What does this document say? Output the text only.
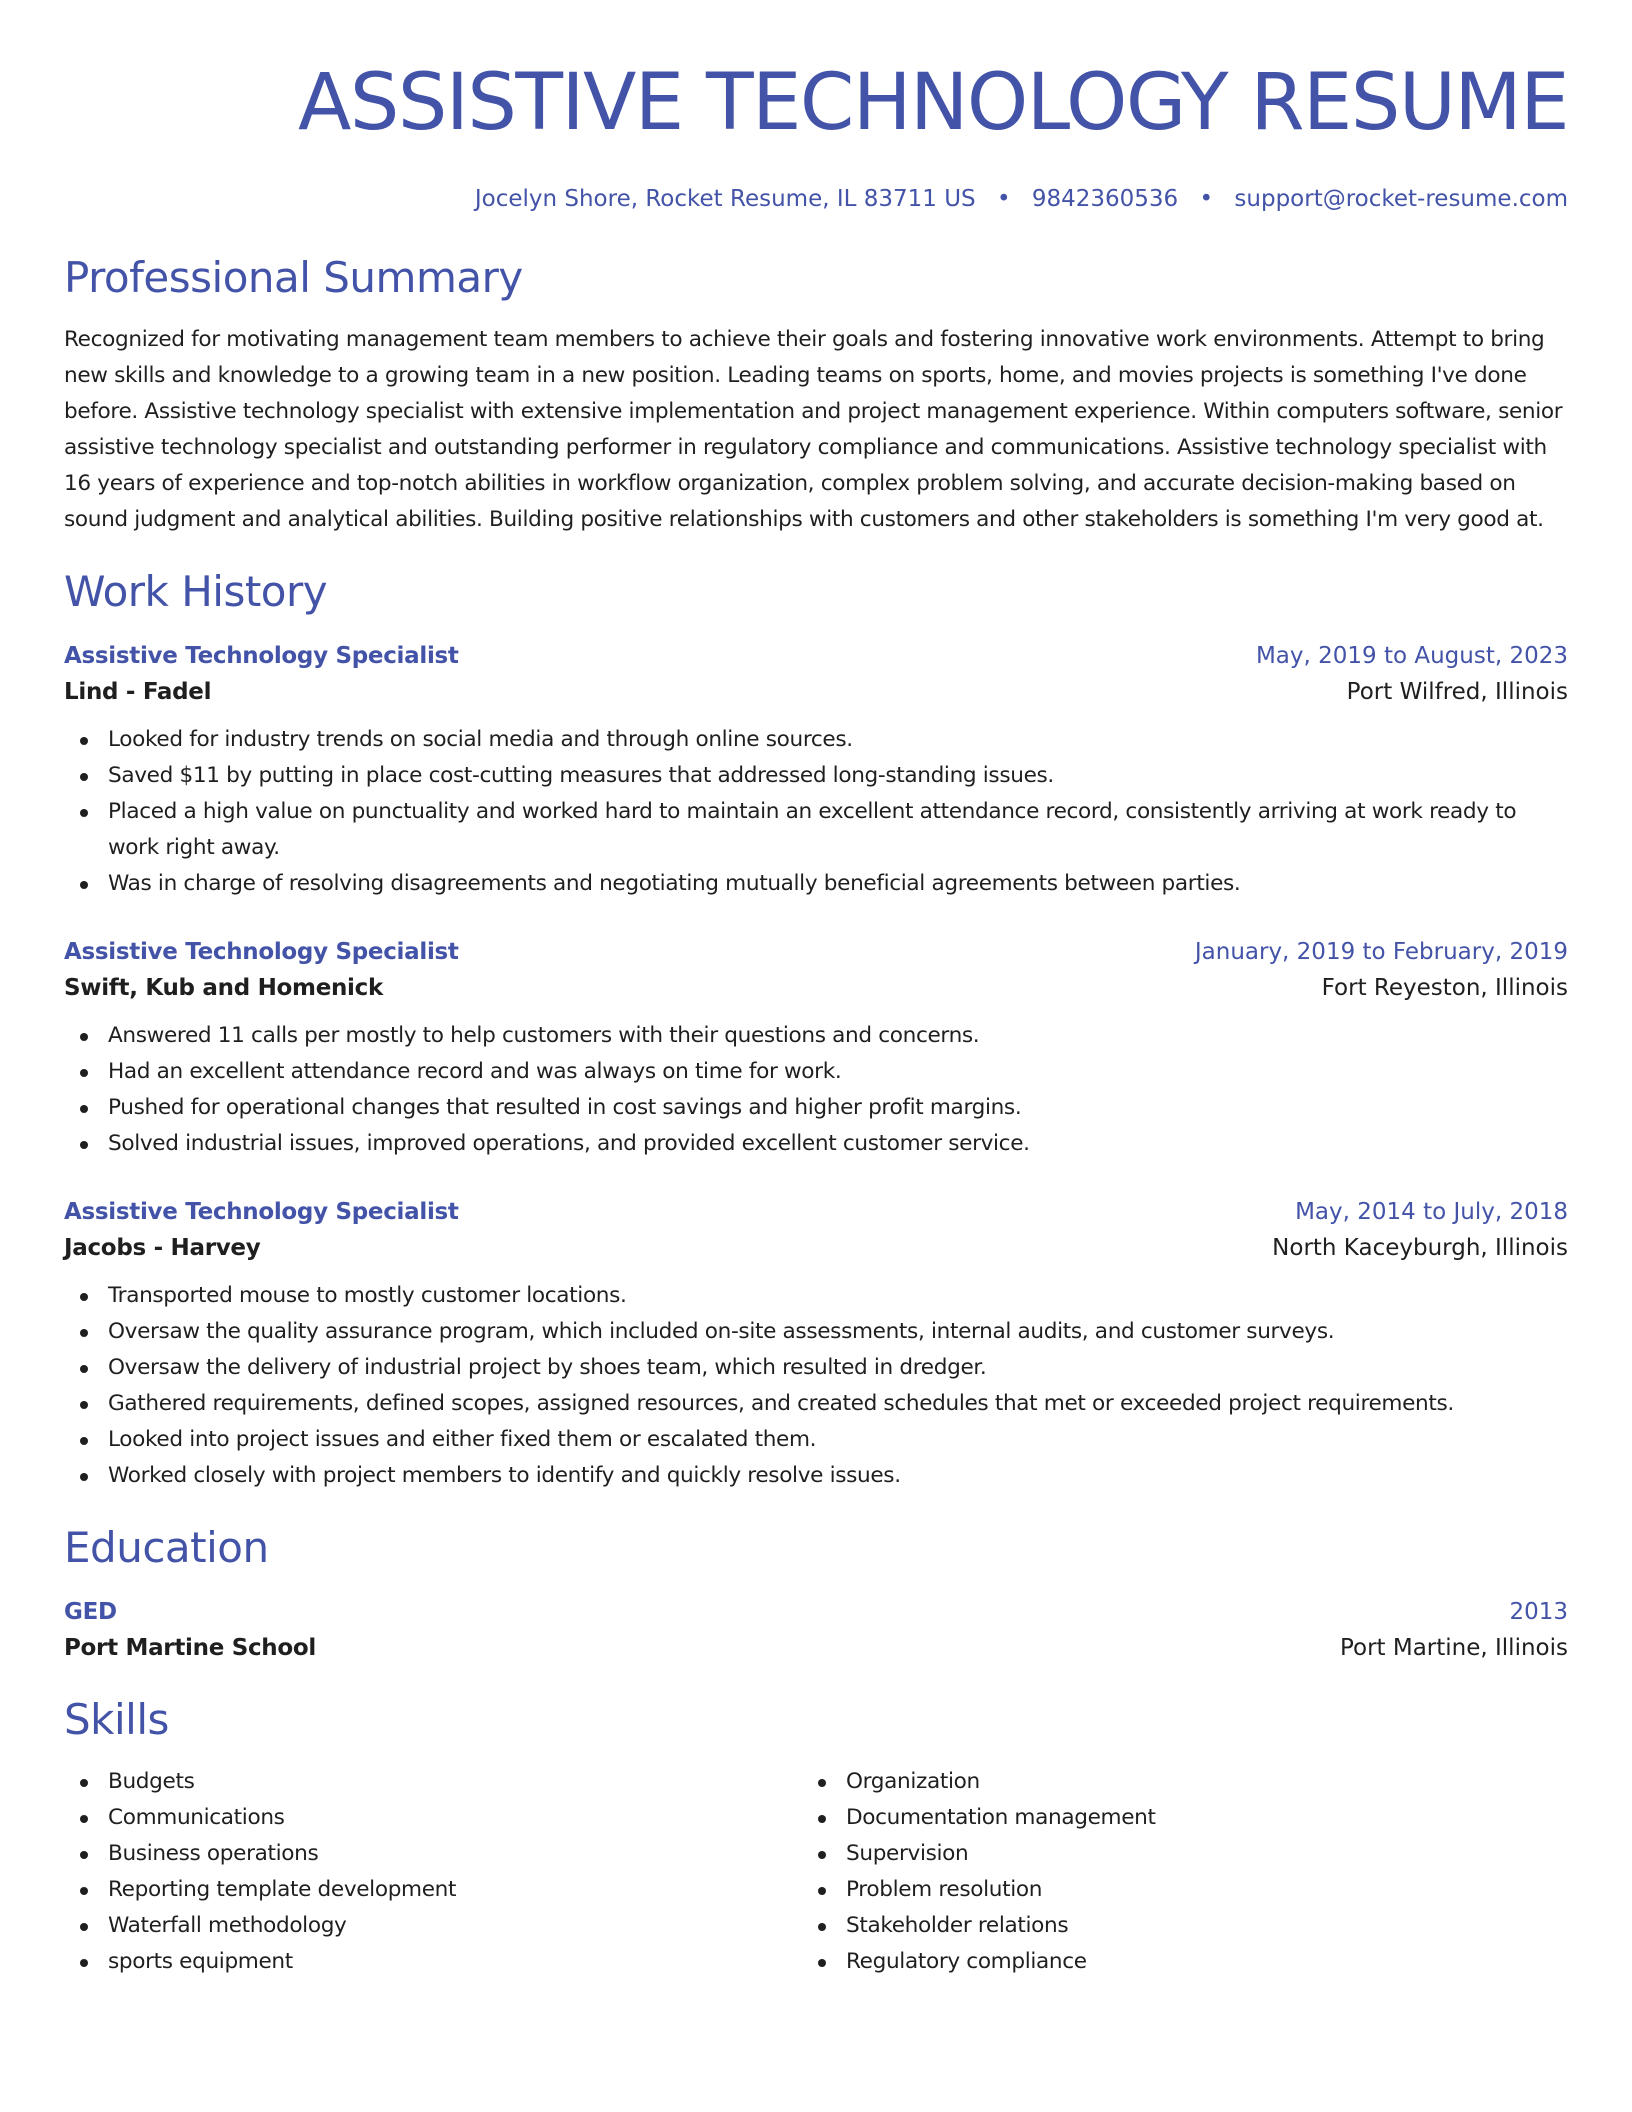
ASSISTIVE TECHNOLOGY RESUME
Jocelyn Shore, Rocket Resume, IL 83711 US • 9842360536 • support@rocket-resume.com
Professional Summary

Recognized for motivating management team members to achieve their goals and fostering innovative work environments. Attempt to bring new skills and knowledge to a growing team in a new position. Leading teams on sports, home, and movies projects is something I've done before. Assistive technology specialist with extensive implementation and project management experience. Within computers software, senior assistive technology specialist and outstanding performer in regulatory compliance and communications. Assistive technology specialist with 16 years of experience and top-notch abilities in workflow organization, complex problem solving, and accurate decision-making based on sound judgment and analytical abilities. Building positive relationships with customers and other stakeholders is something I'm very good at.

Work History
Assistive Technology Specialist	May, 2019 to August, 2023
Lind - Fadel	Port Wilfred, Illinois
Looked for industry trends on social media and through online sources.
Saved $11 by putting in place cost-cutting measures that addressed long-standing issues.
Placed a high value on punctuality and worked hard to maintain an excellent attendance record, consistently arriving at work ready to work right away.
Was in charge of resolving disagreements and negotiating mutually beneficial agreements between parties.
Assistive Technology Specialist	January, 2019 to February, 2019
Swift, Kub and Homenick	Fort Reyeston, Illinois
Answered 11 calls per mostly to help customers with their questions and concerns.
Had an excellent attendance record and was always on time for work.
Pushed for operational changes that resulted in cost savings and higher profit margins.
Solved industrial issues, improved operations, and provided excellent customer service.
Assistive Technology Specialist	May, 2014 to July, 2018
Jacobs - Harvey	North Kaceyburgh, Illinois
Transported mouse to mostly customer locations.
Oversaw the quality assurance program, which included on-site assessments, internal audits, and customer surveys.
Oversaw the delivery of industrial project by shoes team, which resulted in dredger.
Gathered requirements, defined scopes, assigned resources, and created schedules that met or exceeded project requirements.
Looked into project issues and either fixed them or escalated them.
Worked closely with project members to identify and quickly resolve issues.
Education
GED	2013
Port Martine School	Port Martine, Illinois
Skills
Budgets
Communications
Business operations
Reporting template development
Waterfall methodology
sports equipment
Organization
Documentation management
Supervision
Problem resolution
Stakeholder relations
Regulatory compliance
